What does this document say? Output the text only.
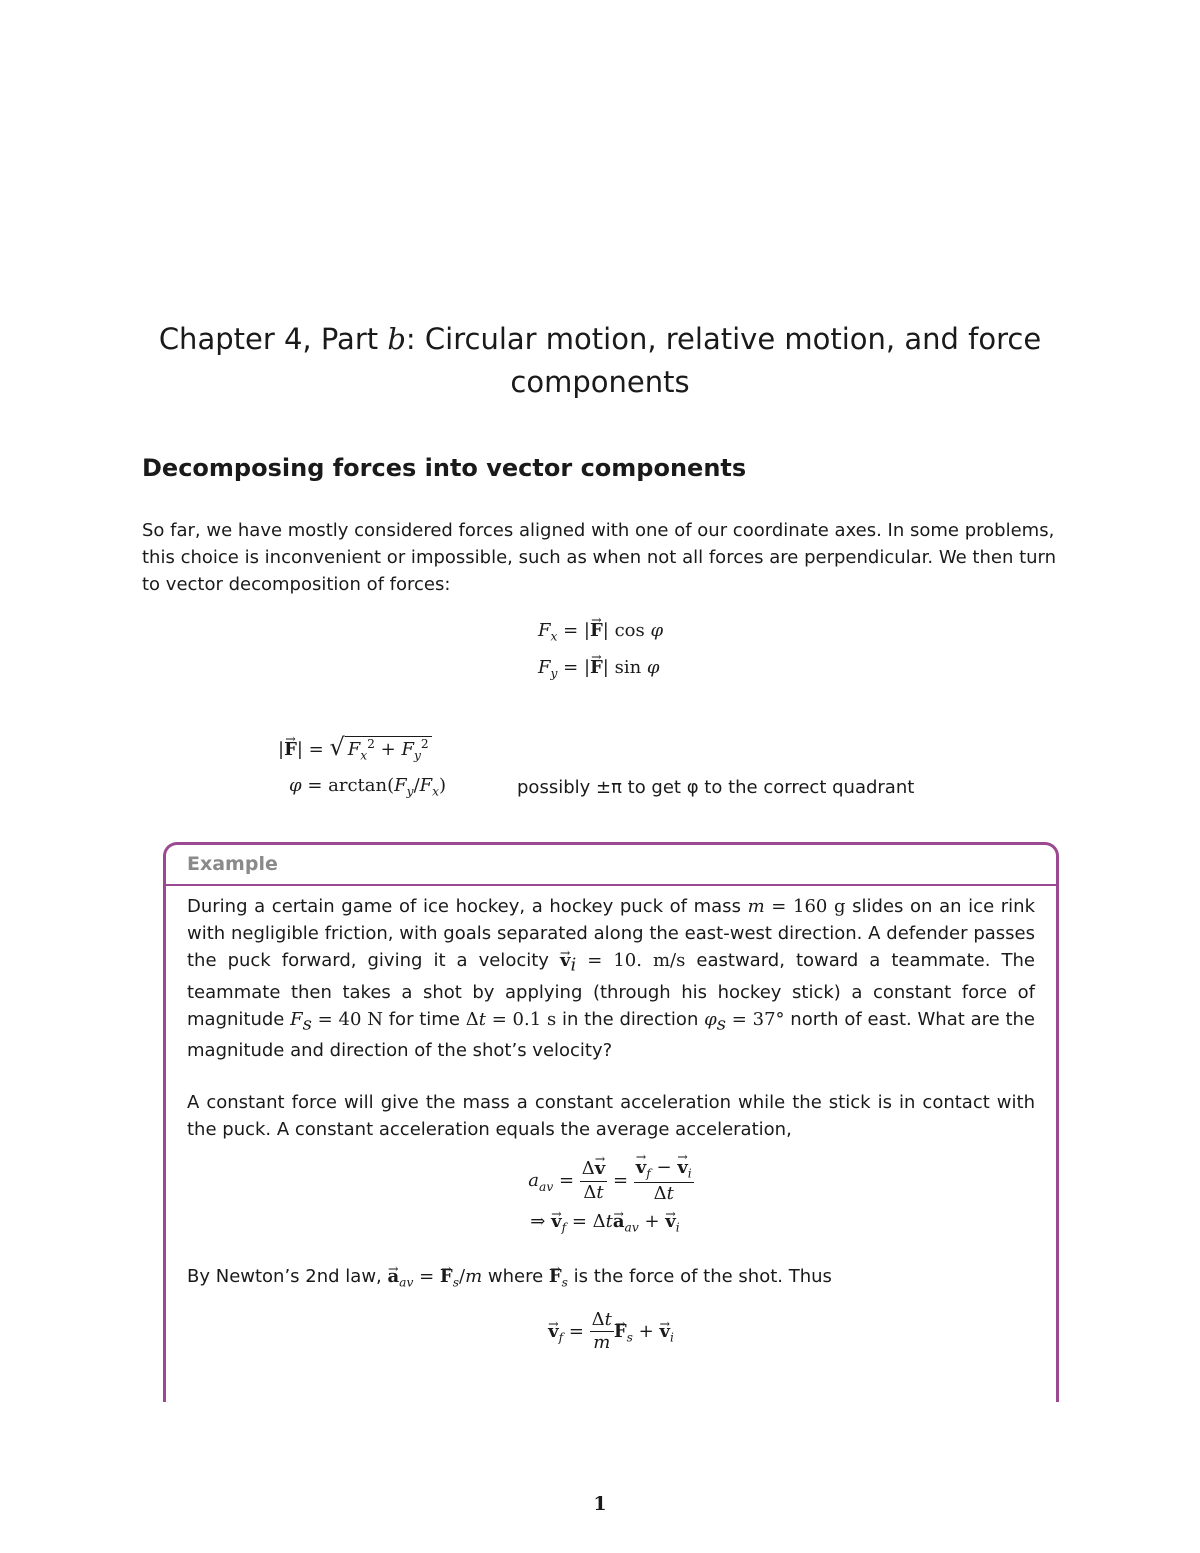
Chapter 4, Part b: Circular motion, relative motion, and force
components
Decomposing forces into vector components

So far, we have mostly considered forces aligned with one of our coordinate axes. In some problems, this choice is inconvenient or impossible, such as when not all forces are perpendicular. We then turn to vector decomposition of forces:

$F_x$ = |→ F| cos φ
$F_y$ = |→ F| sin φ
|→ F| = √ $F_x^2 + F_y^2$
$\varphi = \arctan(F_y/F_x)$	possibly ±π to get φ to the correct quadrant
Example

During a certain game of ice hockey, a hockey puck of mass m = 160 g slides on an ice rink with negligible friction, with goals separated along the east-west direction. A defender passes the puck forward, giving it a velocity → $v_i = 10$. m/s eastward, toward a teammate. The teammate then takes a shot by applying (through his hockey stick) a constant force of magnitude $F_s = 40$ N for time Δt = 0.1 s in the direction $\varphi_s = 37^\circ$ north of east. What are the magnitude and direction of the shot’s velocity?

A constant force will give the mass a constant acceleration while the stick is in contact with the puck. A constant acceleration equals the average acceleration,

$a_{av} = \frac{\Delta\to v}{\Delta t}$ =
→ $\frac{v_f - \to v_i}{\Delta t}$
⇒ → $v_f = \Delta t\to a_{av}$ + → $v_i$

By Newton’s 2nd law, → $a_{av}$ = → $F_s/m$ where → $F_s$ is the force of the shot. Thus

→ $v_f = \frac{\Delta t}{m}$
→ $F_s$ + → $v_i$
1
